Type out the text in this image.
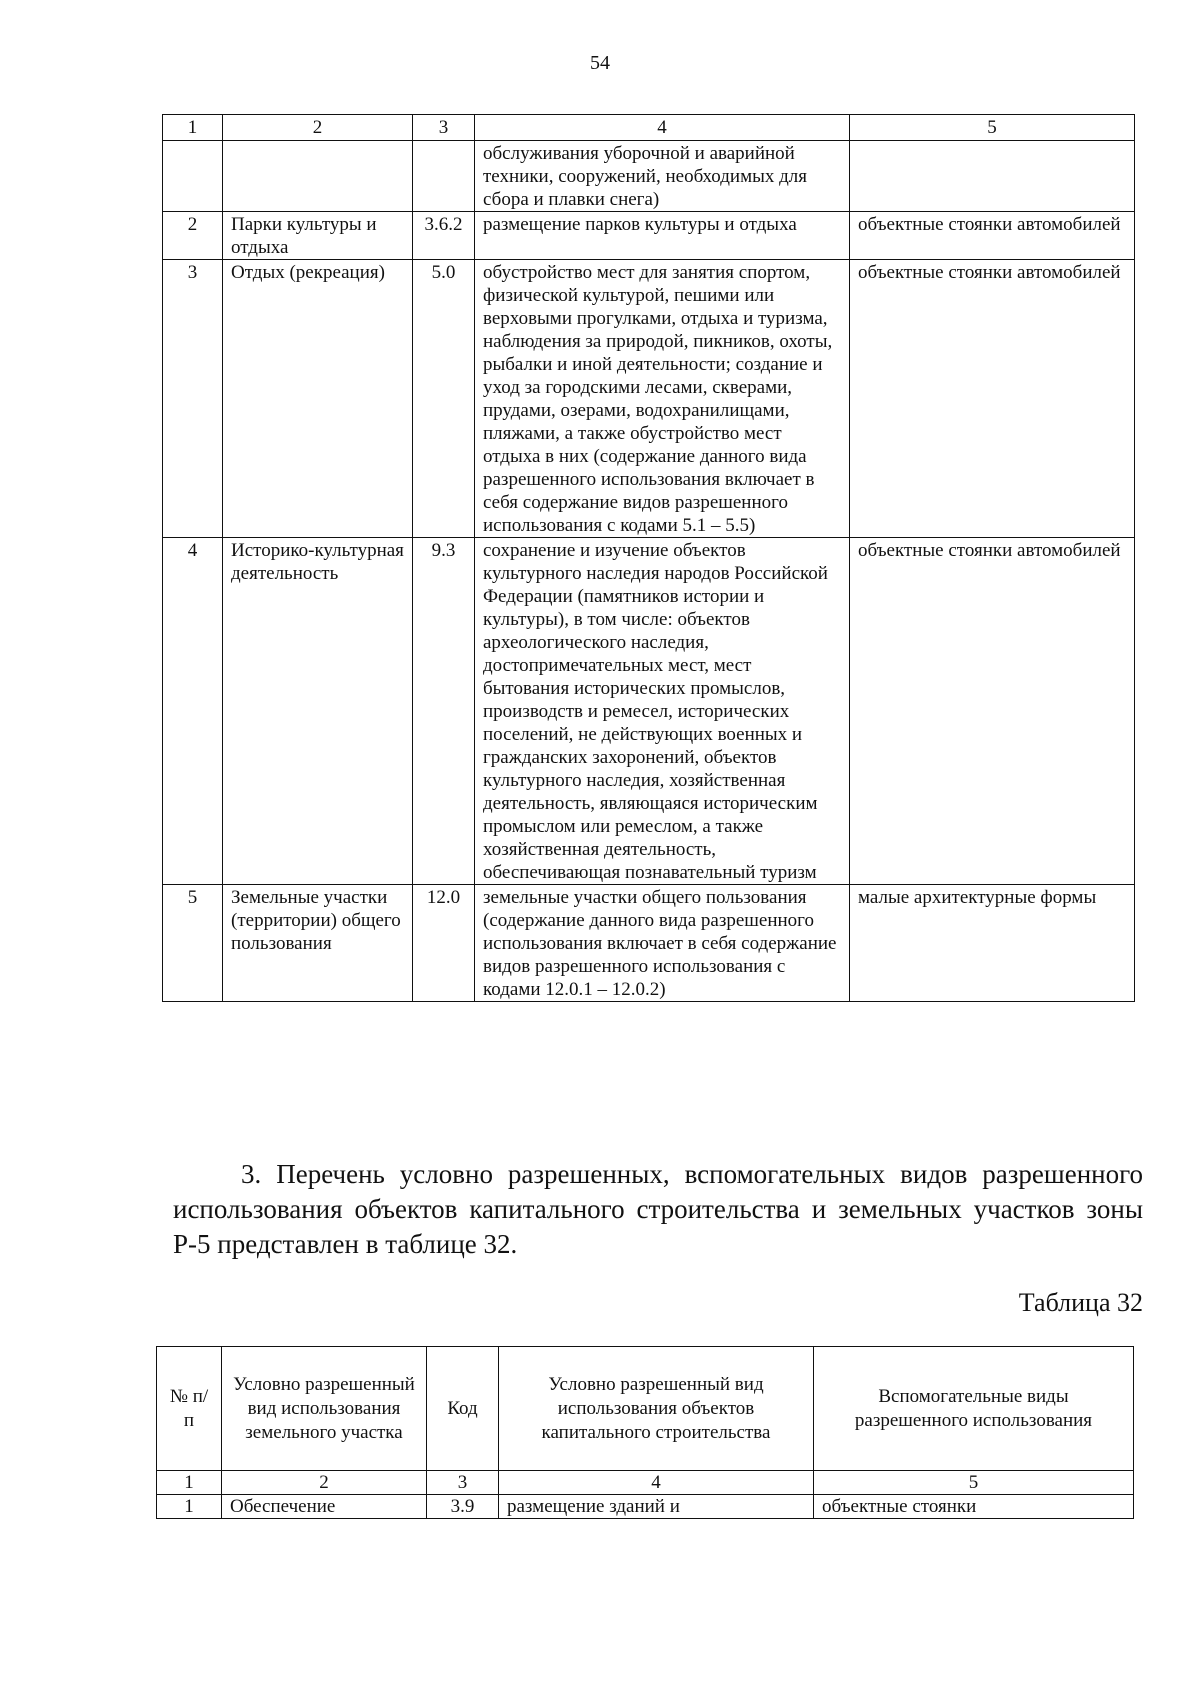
54
1	2	3	4	5
			обслуживания уборочной и аварийной техники, сооружений, необходимых для сбора и плавки снега)	
2	Парки культуры и отдыха	3.6.2	размещение парков культуры и отдыха	объектные стоянки автомобилей
3	Отдых (рекреация)	5.0	обустройство мест для занятия спортом, физической культурой, пешими или верховыми прогулками, отдыха и туризма, наблюдения за природой, пикников, охоты, рыбалки и иной деятельности; создание и уход за городскими лесами, скверами, прудами, озерами, водохранилищами, пляжами, а также обустройство мест отдыха в них (содержание данного вида разрешенного использования включает в себя содержание видов разрешенного использования с кодами 5.1 – 5.5)	объектные стоянки автомобилей
4	Историко-культурная деятельность	9.3	сохранение и изучение объектов культурного наследия народов Российской Федерации (памятников истории и культуры), в том числе: объектов археологического наследия, достопримечательных мест, мест бытования исторических промыслов, производств и ремесел, исторических поселений, не действующих военных и гражданских захоронений, объектов культурного наследия, хозяйственная деятельность, являющаяся историческим промыслом или ремеслом, а также хозяйственная деятельность, обеспечивающая познавательный туризм	объектные стоянки автомобилей
5	Земельные участки (территории) общего пользования	12.0	земельные участки общего пользования (содержание данного вида разрешенного использования включает в себя содержание видов разрешенного использования с кодами 12.0.1 – 12.0.2)	малые архитектурные формы

3. Перечень условно разрешенных, вспомогательных видов разрешенного использования объектов капитального строительства и земельных участков зоны Р-5 представлен в таблице 32.

Таблица 32
№ п/п	Условно разрешенный вид использования земельного участка	Код	Условно разрешенный вид использования объектов капитального строительства	Вспомогательные виды разрешенного использования
1	2	3	4	5
1	Обеспечение	3.9	размещение зданий и	объектные стоянки
